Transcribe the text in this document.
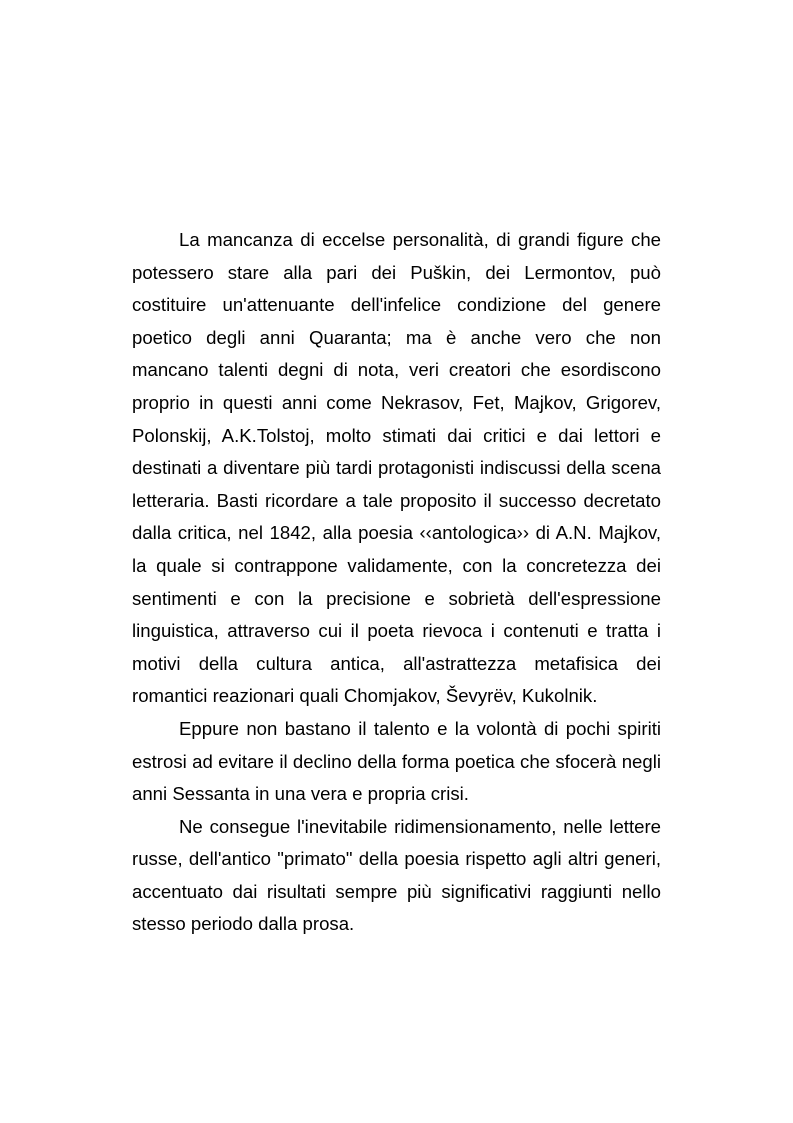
La mancanza di eccelse personalità, di grandi figure che potessero stare alla pari dei Puškin, dei Lermontov, può costituire un'attenuante dell'infelice condizione del genere poetico degli anni Quaranta; ma è anche vero che non mancano talenti degni di nota, veri creatori che esordiscono proprio in questi anni come Nekrasov, Fet, Majkov, Grigorev, Polonskij, A.K.Tolstoj, molto stimati dai critici e dai lettori e destinati a diventare più tardi protagonisti indiscussi della scena letteraria. Basti ricordare a tale proposito il successo decretato dalla critica, nel 1842, alla poesia ‹‹antologica›› di A.N. Majkov, la quale si contrappone validamente, con la concretezza dei sentimenti e con la precisione e sobrietà dell'espressione linguistica, attraverso cui il poeta rievoca i contenuti e tratta i motivi della cultura antica, all'astrattezza metafisica dei romantici reazionari quali Chomjakov, Ševyrëv, Kukolnik.

Eppure non bastano il talento e la volontà di pochi spiriti estrosi ad evitare il declino della forma poetica che sfocerà negli anni Sessanta in una vera e propria crisi.

Ne consegue l'inevitabile ridimensionamento, nelle lettere russe, dell'antico "primato" della poesia rispetto agli altri generi, accentuato dai risultati sempre più significativi raggiunti nello stesso periodo dalla prosa.
